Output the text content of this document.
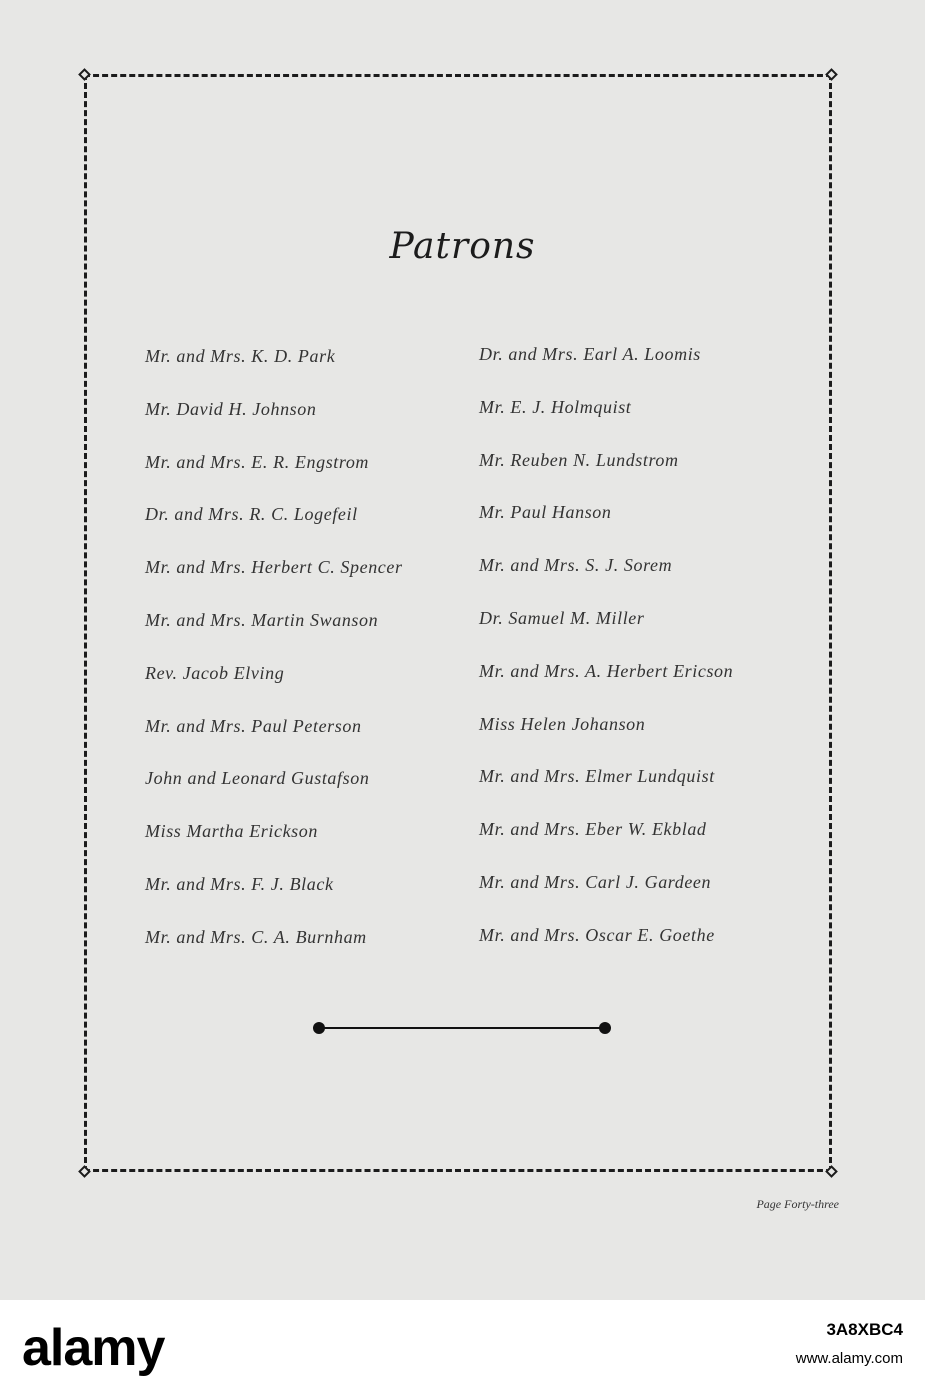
Patrons
Mr. and Mrs. K. D. Park
Mr. David H. Johnson
Mr. and Mrs. E. R. Engstrom
Dr. and Mrs. R. C. Logefeil
Mr. and Mrs. Herbert C. Spencer
Mr. and Mrs. Martin Swanson
Rev. Jacob Elving
Mr. and Mrs. Paul Peterson
John and Leonard Gustafson
Miss Martha Erickson
Mr. and Mrs. F. J. Black
Mr. and Mrs. C. A. Burnham
Dr. and Mrs. Earl A. Loomis
Mr. E. J. Holmquist
Mr. Reuben N. Lundstrom
Mr. Paul Hanson
Mr. and Mrs. S. J. Sorem
Dr. Samuel M. Miller
Mr. and Mrs. A. Herbert Ericson
Miss Helen Johanson
Mr. and Mrs. Elmer Lundquist
Mr. and Mrs. Eber W. Ekblad
Mr. and Mrs. Carl J. Gardeen
Mr. and Mrs. Oscar E. Goethe
Page Forty-three
alamy	3A8XBC4
www.alamy.com
